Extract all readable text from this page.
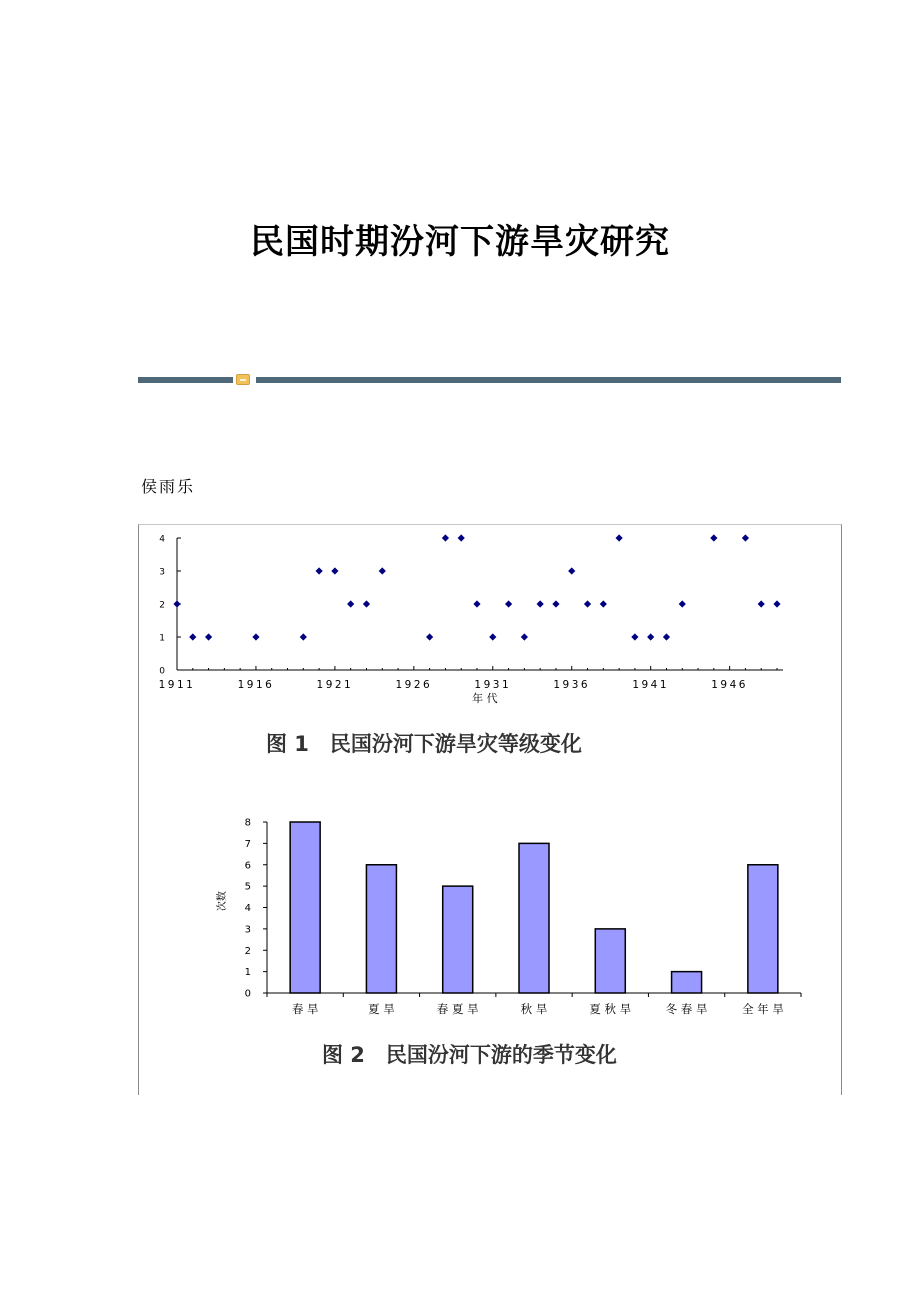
民国时期汾河下游旱灾研究
侯雨乐
0
1
2
3
4
1911	1916	1921	1926	1931	1936	1941	1946
年 代
图 1　民国汾河下游旱灾等级变化
0
1
2
3
4
5
6
7
8
次数
春 旱	夏 旱	春 夏 旱	秋 旱	夏 秋 旱	冬 春 旱	全 年 旱
图 2　民国汾河下游的季节变化
